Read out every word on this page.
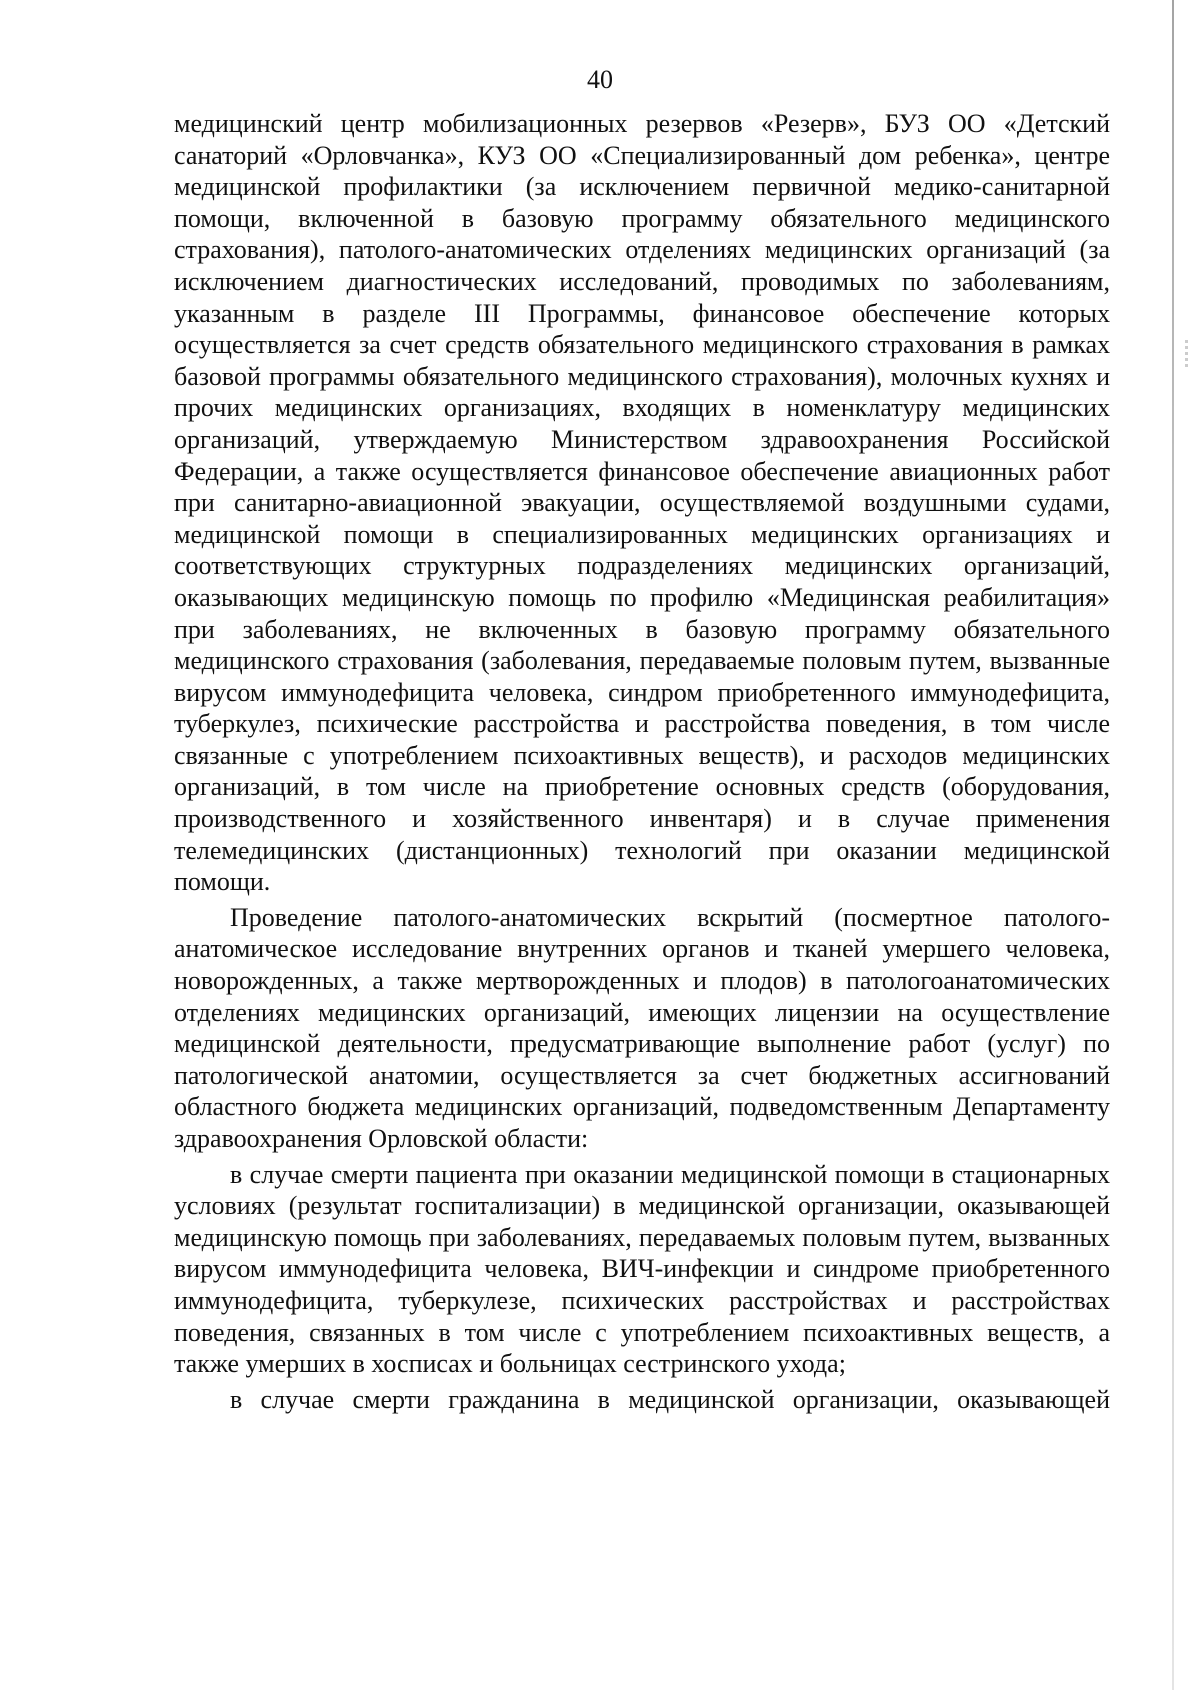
40

медицинский центр мобилизационных резервов «Резерв», БУЗ ОО «Детский санаторий «Орловчанка», КУЗ ОО «Специализированный дом ребенка», центре медицинской профилактики (за исключением первичной медико-санитарной помощи, включенной в базовую программу обязательного медицинского страхования), патолого-анатомических отделениях медицинских организаций (за исключением диагностических исследований, проводимых по заболеваниям, указанным в разделе III Программы, финансовое обеспечение которых осуществляется за счет средств обязательного медицинского страхования в рамках базовой программы обязательного медицинского страхования), молочных кухнях и прочих медицинских организациях, входящих в номенклатуру медицинских организаций, утверждаемую Министерством здравоохранения Российской Федерации, а также осуществляется финансовое обеспечение авиационных работ при санитарно-авиационной эвакуации, осуществляемой воздушными судами, медицинской помощи в специализированных медицинских организациях и соответствующих структурных подразделениях медицинских организаций, оказывающих медицинскую помощь по профилю «Медицинская реабилитация» при заболеваниях, не включенных в базовую программу обязательного медицинского страхования (заболевания, передаваемые половым путем, вызванные вирусом иммунодефицита человека, синдром приобретенного иммунодефицита, туберкулез, психические расстройства и расстройства поведения, в том числе связанные с употреблением психоактивных веществ), и расходов медицинских организаций, в том числе на приобретение основных средств (оборудования, производственного и хозяйственного инвентаря) и в случае применения телемедицинских (дистанционных) технологий при оказании медицинской помощи.

Проведение патолого-анатомических вскрытий (посмертное патолого-анатомическое исследование внутренних органов и тканей умершего человека, новорожденных, а также мертворожденных и плодов) в патологоанатомических отделениях медицинских организаций, имеющих лицензии на осуществление медицинской деятельности, предусматривающие выполнение работ (услуг) по патологической анатомии, осуществляется за счет бюджетных ассигнований областного бюджета медицинских организаций, подведомственным Департаменту здравоохранения Орловской области:

в случае смерти пациента при оказании медицинской помощи в стационарных условиях (результат госпитализации) в медицинской организации, оказывающей медицинскую помощь при заболеваниях, передаваемых половым путем, вызванных вирусом иммунодефицита человека, ВИЧ-инфекции и синдроме приобретенного иммунодефицита, туберкулезе, психических расстройствах и расстройствах поведения, связанных в том числе с употреблением психоактивных веществ, а также умерших в хосписах и больницах сестринского ухода;

в случае смерти гражданина в медицинской организации, оказывающей
